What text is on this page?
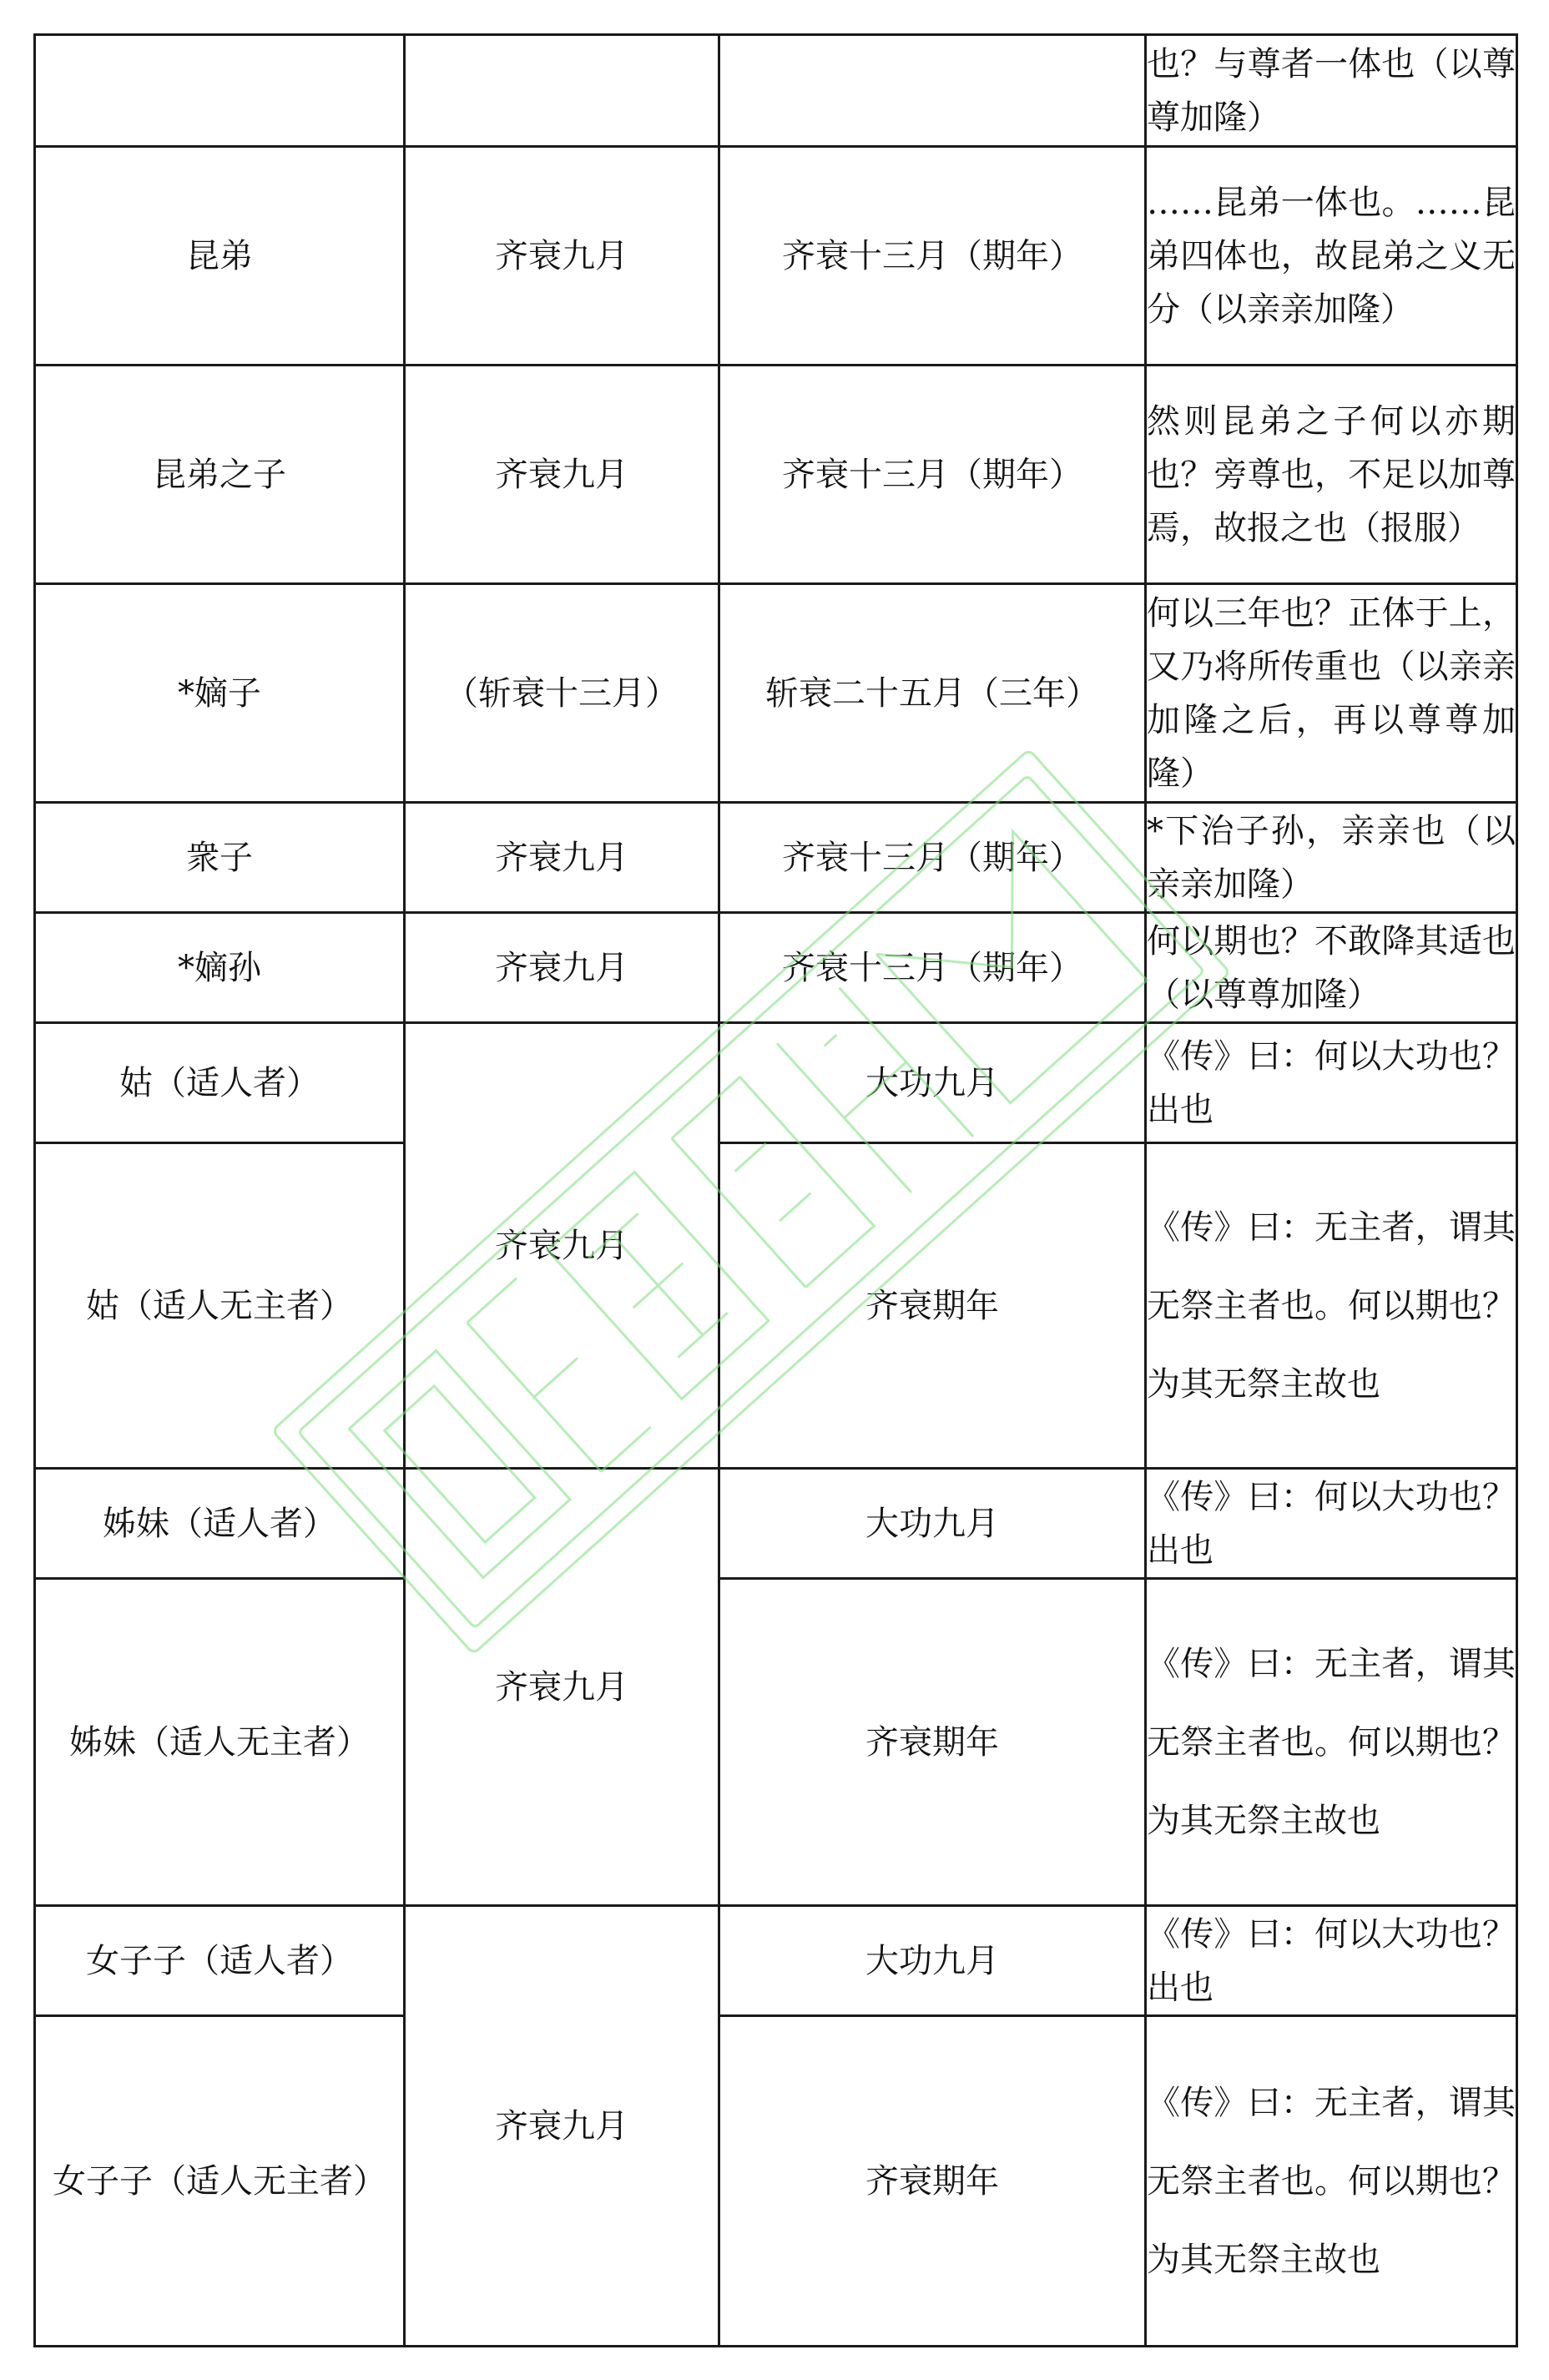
			也？与尊者一体也（以尊尊加隆）
昆弟	齐衰九月	齐衰十三月（期年）	……昆弟一体也。……昆弟四体也，故昆弟之义无分（以亲亲加隆）
昆弟之子	齐衰九月	齐衰十三月（期年）	然则昆弟之子何以亦期也？旁尊也，不足以加尊焉，故报之也（报服）
*嫡子	（斩衰十三月）	斩衰二十五月（三年）	何以三年也？正体于上，又乃将所传重也（以亲亲加隆之后，再以尊尊加隆）
衆子	齐衰九月	齐衰十三月（期年）	*下治子孙，亲亲也（以亲亲加隆）
*嫡孙	齐衰九月	齐衰十三月（期年）	何以期也？不敢降其适也（以尊尊加隆）
姑（适人者）	齐衰九月	大功九月	《传》曰：何以大功也？出也
姑（适人无主者）		齐衰期年	《传》曰：无主者，谓其无祭主者也。何以期也？为其无祭主故也
姊妹（适人者）	齐衰九月	大功九月	《传》曰：何以大功也？出也
姊妹（适人无主者）		齐衰期年	《传》曰：无主者，谓其无祭主者也。何以期也？为其无祭主故也
女子子（适人者）	齐衰九月	大功九月	《传》曰：何以大功也？出也
女子子（适人无主者）		齐衰期年	《传》曰：无主者，谓其无祭主者也。何以期也？为其无祭主故也
